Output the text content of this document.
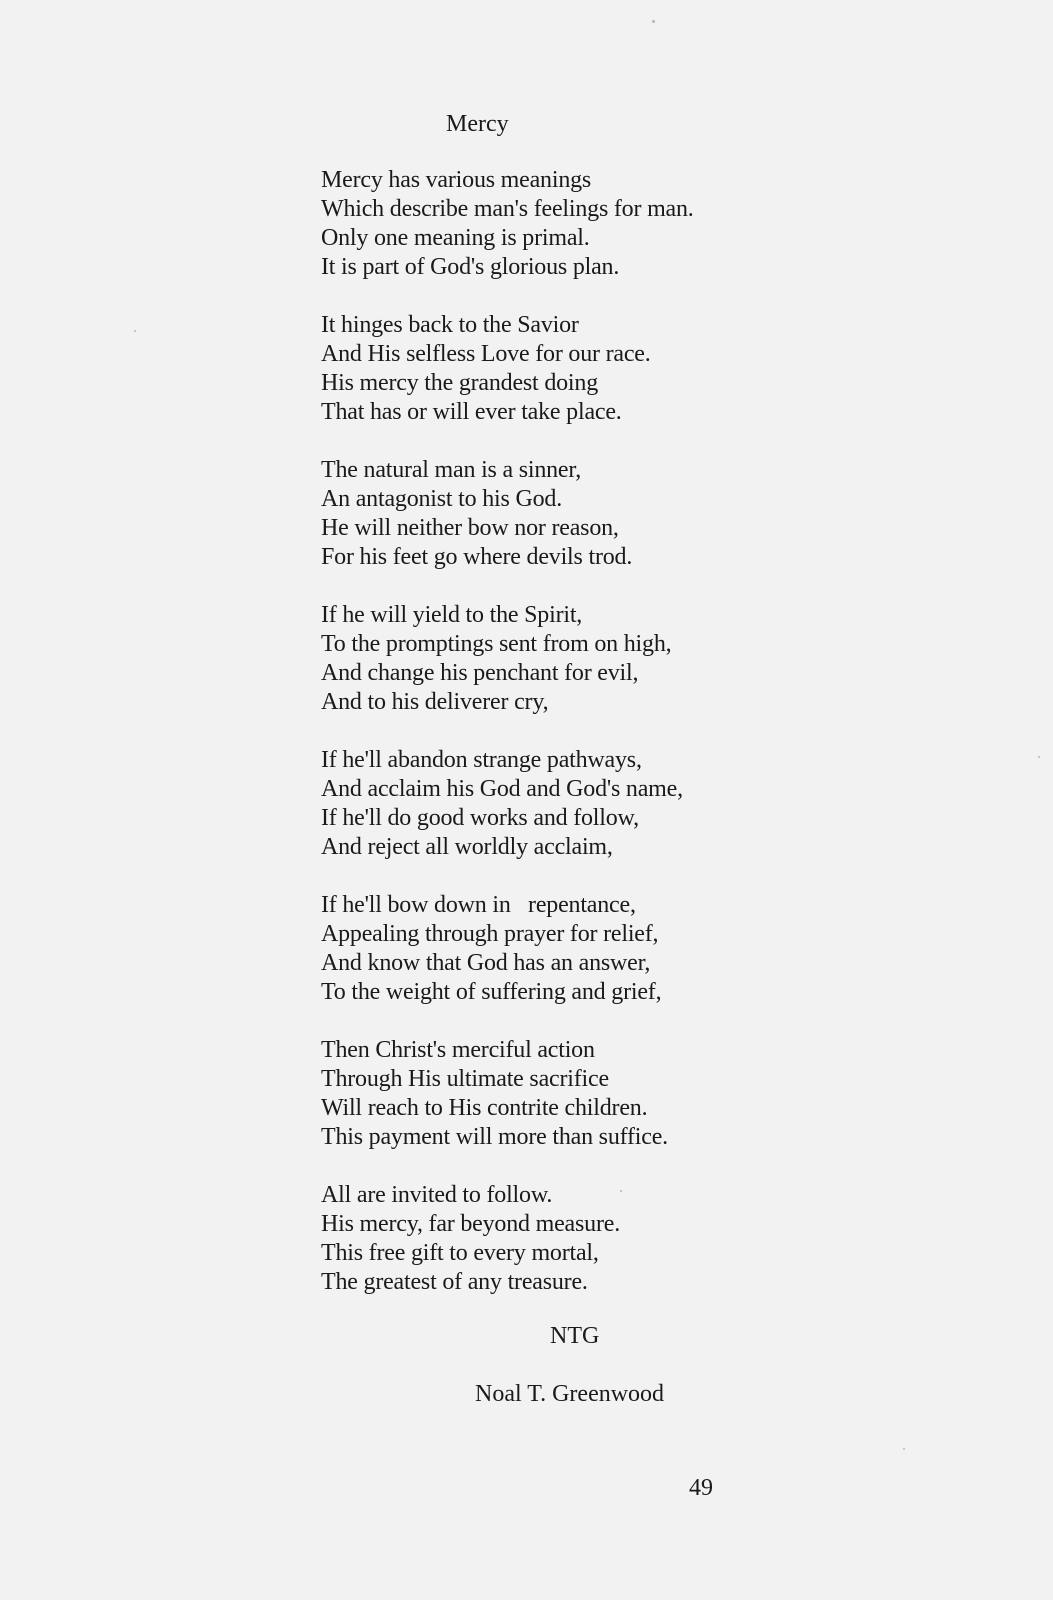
Mercy
Mercy has various meanings
Which describe man's feelings for man.
Only one meaning is primal.
It is part of God's glorious plan.
It hinges back to the Savior
And His selfless Love for our race.
His mercy the grandest doing
That has or will ever take place.
The natural man is a sinner,
An antagonist to his God.
He will neither bow nor reason,
For his feet go where devils trod.
If he will yield to the Spirit,
To the promptings sent from on high,
And change his penchant for evil,
And to his deliverer cry,
If he'll abandon strange pathways,
And acclaim his God and God's name,
If he'll do good works and follow,
And reject all worldly acclaim,
If he'll bow down in   repentance,
Appealing through prayer for relief,
And know that God has an answer,
To the weight of suffering and grief,
Then Christ's merciful action
Through His ultimate sacrifice
Will reach to His contrite children.
This payment will more than suffice.
All are invited to follow.
His mercy, far beyond measure.
This free gift to every mortal,
The greatest of any treasure.
NTG
Noal T. Greenwood
49
